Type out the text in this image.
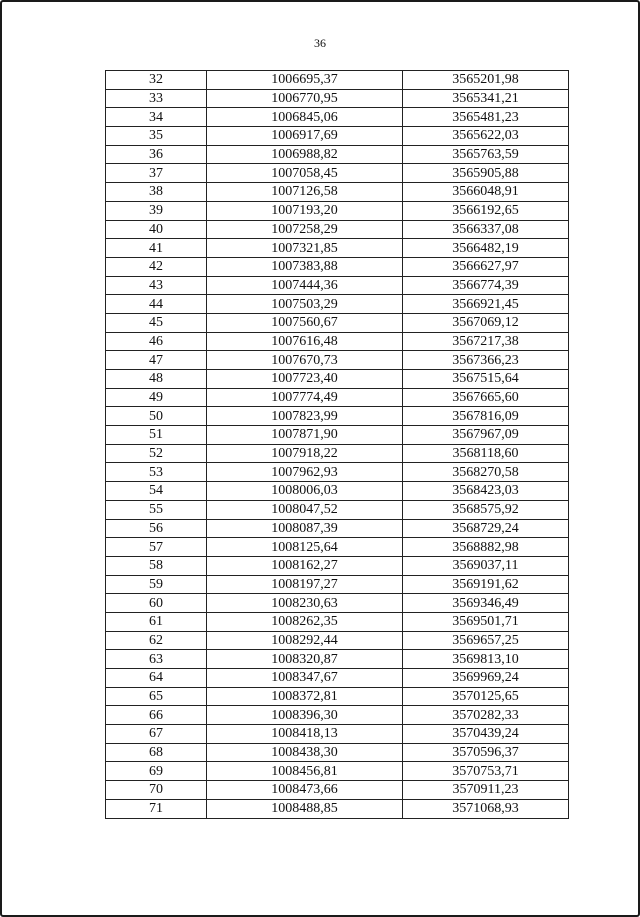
36
32	1006695,37	3565201,98
33	1006770,95	3565341,21
34	1006845,06	3565481,23
35	1006917,69	3565622,03
36	1006988,82	3565763,59
37	1007058,45	3565905,88
38	1007126,58	3566048,91
39	1007193,20	3566192,65
40	1007258,29	3566337,08
41	1007321,85	3566482,19
42	1007383,88	3566627,97
43	1007444,36	3566774,39
44	1007503,29	3566921,45
45	1007560,67	3567069,12
46	1007616,48	3567217,38
47	1007670,73	3567366,23
48	1007723,40	3567515,64
49	1007774,49	3567665,60
50	1007823,99	3567816,09
51	1007871,90	3567967,09
52	1007918,22	3568118,60
53	1007962,93	3568270,58
54	1008006,03	3568423,03
55	1008047,52	3568575,92
56	1008087,39	3568729,24
57	1008125,64	3568882,98
58	1008162,27	3569037,11
59	1008197,27	3569191,62
60	1008230,63	3569346,49
61	1008262,35	3569501,71
62	1008292,44	3569657,25
63	1008320,87	3569813,10
64	1008347,67	3569969,24
65	1008372,81	3570125,65
66	1008396,30	3570282,33
67	1008418,13	3570439,24
68	1008438,30	3570596,37
69	1008456,81	3570753,71
70	1008473,66	3570911,23
71	1008488,85	3571068,93
